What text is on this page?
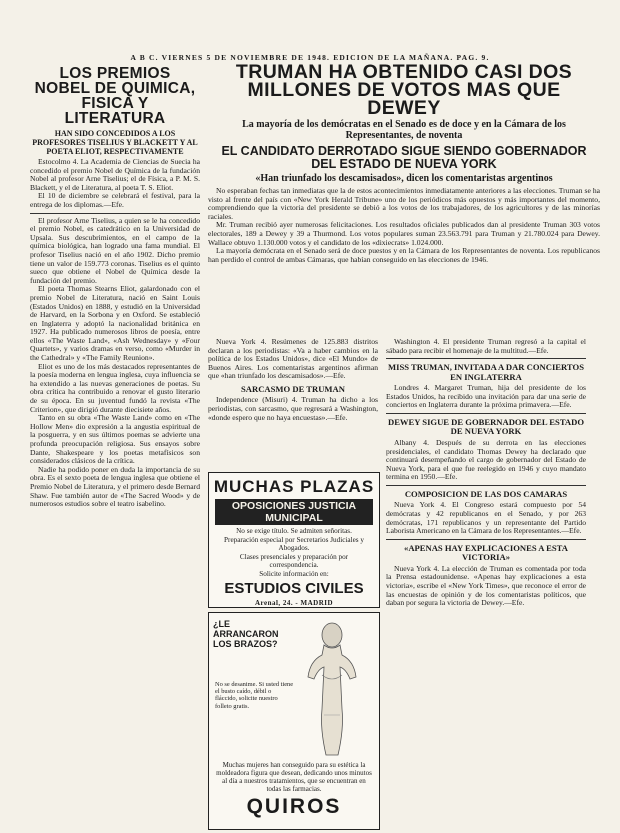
A B C. VIERNES 5 DE NOVIEMBRE DE 1948. EDICION DE LA MAÑANA. PAG. 9.
LOS PREMIOS NOBEL DE QUIMICA, FISICA Y LITERATURA
HAN SIDO CONCEDIDOS A LOS PROFESORES TISELIUS Y BLACKETT Y AL POETA ELIOT, RESPECTIVAMENTE

Estocolmo 4. La Academia de Ciencias de Suecia ha concedido el premio Nobel de Química de la fundación Nobel al profesor Arne Tiselius; el de Física, a P. M. S. Blackett, y el de Literatura, al poeta T. S. Eliot.

El 10 de diciembre se celebrará el festival, para la entrega de los diplomas.—Efe.

El profesor Arne Tiselius, a quien se le ha concedido el premio Nobel, es catedrático en la Universidad de Upsala. Sus descubrimientos, en el campo de la química biológica, han logrado una fama mundial. El profesor Tiselius nació en el año 1902. Dicho premio tiene un valor de 159.773 coronas. Tiselius es el quinto sueco que obtiene el Nobel de Química desde la fundación del premio.

El poeta Thomas Stearns Eliot, galardonado con el premio Nobel de Literatura, nació en Saint Louis (Estados Unidos) en 1888, y estudió en la Universidad de Harvard, en la Sorbona y en Oxford. Se estableció en Inglaterra y adoptó la nacionalidad británica en 1927. Ha publicado numerosos libros de poesía, entre ellos «The Waste Land», «Ash Wednesday» y «Four Quartets», y varios dramas en verso, como «Murder in the Cathedral» y «The Family Reunion».

Eliot es uno de los más destacados representantes de la poesía moderna en lengua inglesa, cuya influencia se ha extendido a las nuevas generaciones de poetas. Su obra crítica ha contribuido a renovar el gusto literario de su época. En su juventud fundó la revista «The Criterion», que dirigió durante diecisiete años.

Tanto en su obra «The Waste Land» como en «The Hollow Men» dio expresión a la angustia espiritual de la posguerra, y en sus últimos poemas se advierte una profunda preocupación religiosa. Sus ensayos sobre Dante, Shakespeare y los poetas metafísicos son considerados clásicos de la crítica.

Nadie ha podido poner en duda la importancia de su obra. Es el sexto poeta de lengua inglesa que obtiene el Premio Nobel de Literatura, y el primero desde Bernard Shaw. Fue también autor de «The Sacred Wood» y de numerosos estudios sobre el teatro isabelino.

TRUMAN HA OBTENIDO CASI DOS MILLONES DE VOTOS MAS QUE DEWEY
La mayoría de los demócratas en el Senado es de doce y en la Cámara de los Representantes, de noventa
EL CANDIDATO DERROTADO SIGUE SIENDO GOBERNADOR DEL ESTADO DE NUEVA YORK
«Han triunfado los descamisados», dicen los comentaristas argentinos

No esperaban fechas tan inmediatas que la de estos acontecimientos inmediatamente anteriores a las elecciones. Truman se ha visto al frente del país con «New York Herald Tribune» uno de los periódicos más opuestos y más importantes del momento, comprendiendo que la victoria del presidente se debió a los votos de los trabajadores, de los agricultores y de las minorías raciales.

Mr. Truman recibió ayer numerosas felicitaciones. Los resultados oficiales publicados dan al presidente Truman 303 votos electorales, 189 a Dewey y 39 a Thurmond. Los votos populares suman 23.563.791 para Truman y 21.780.024 para Dewey. Wallace obtuvo 1.130.000 votos y el candidato de los «dixiecrats» 1.024.000.

La mayoría demócrata en el Senado será de doce puestos y en la Cámara de los Representantes de noventa. Los republicanos han perdido el control de ambas Cámaras, que habían conseguido en las elecciones de 1946.

Nueva York 4. Resúmenes de 125.883 distritos declaran a los periodistas: «Va a haber cambios en la política de los Estados Unidos», dice «El Mundo» de Buenos Aires. Los comentaristas argentinos afirman que «han triunfado los descamisados».—Efe.

SARCASMO DE TRUMAN

Independence (Misuri) 4. Truman ha dicho a los periodistas, con sarcasmo, que regresará a Washington, «donde espero que no haya encuestas».—Efe.

Washington 4. El presidente Truman regresó a la capital el sábado para recibir el homenaje de la multitud.—Efe.

MISS TRUMAN, INVITADA A DAR CONCIERTOS EN INGLATERRA

Londres 4. Margaret Truman, hija del presidente de los Estados Unidos, ha recibido una invitación para dar una serie de conciertos en Inglaterra durante la próxima primavera.—Efe.

DEWEY SIGUE DE GOBERNADOR DEL ESTADO DE NUEVA YORK

Albany 4. Después de su derrota en las elecciones presidenciales, el candidato Thomas Dewey ha declarado que continuará desempeñando el cargo de gobernador del Estado de Nueva York, para el que fue reelegido en 1946 y cuyo mandato termina en 1950.—Efe.

COMPOSICION DE LAS DOS CAMARAS

Nueva York 4. El Congreso estará compuesto por 54 demócratas y 42 republicanos en el Senado, y por 263 demócratas, 171 republicanos y un representante del Partido Laborista Americano en la Cámara de los Representantes.—Efe.

«APENAS HAY EXPLICACIONES A ESTA VICTORIA»

Nueva York 4. La elección de Truman es comentada por toda la Prensa estadounidense. «Apenas hay explicaciones a esta victoria», escribe el «New York Times», que reconoce el error de las encuestas de opinión y de los comentaristas políticos, que daban por segura la victoria de Dewey.—Efe.

MUCHAS PLAZAS
OPOSICIONES JUSTICIA MUNICIPAL
No se exige título. Se admiten señoritas.
Preparación especial por Secretarios Judiciales y Abogados.
Clases presenciales y preparación por correspondencia.
Solicite información en:
ESTUDIOS CIVILES
Arenal, 24. - MADRID
¿LE ARRANCARON LOS BRAZOS?
No se desanime. Si usted tiene el busto caído, débil o fláccido, solicite nuestro folleto gratis.
Muchas mujeres han conseguido para su estética la moldeadora figura que desean, dedicando unos minutos al día a nuestros tratamientos, que se encuentran en todas las farmacias.
QUIROS
